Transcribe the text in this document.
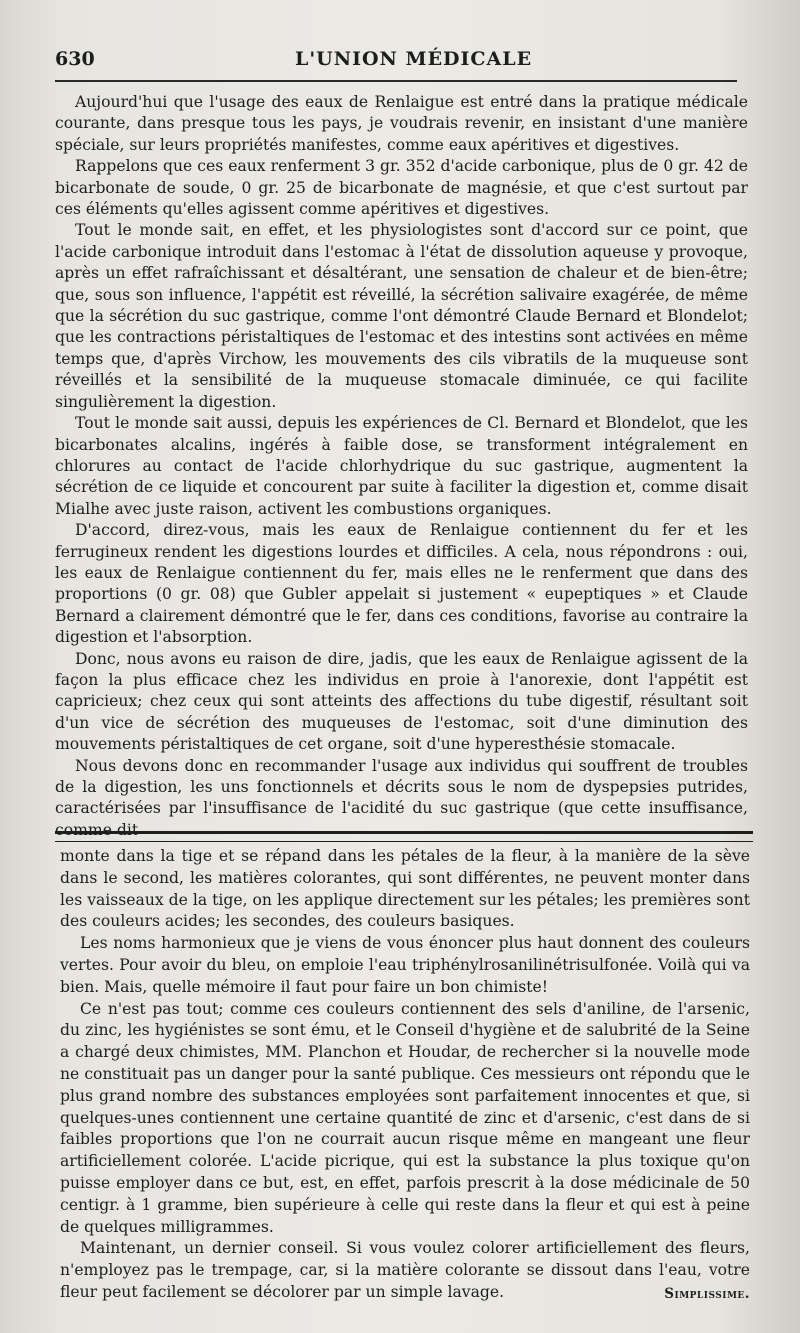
630	L'UNION MÉDICALE

Aujourd'hui que l'usage des eaux de Renlaigue est entré dans la pratique médicale courante, dans presque tous les pays, je voudrais revenir, en insistant d'une manière spéciale, sur leurs propriétés manifestes, comme eaux apéritives et digestives.

Rappelons que ces eaux renferment 3 gr. 352 d'acide carbonique, plus de 0 gr. 42 de bicarbonate de soude, 0 gr. 25 de bicarbonate de magnésie, et que c'est surtout par ces éléments qu'elles agissent comme apéritives et digestives.

Tout le monde sait, en effet, et les physiologistes sont d'accord sur ce point, que l'acide carbonique introduit dans l'estomac à l'état de dissolution aqueuse y provoque, après un effet rafraîchissant et désaltérant, une sensation de chaleur et de bien-être; que, sous son influence, l'appétit est réveillé, la sécrétion salivaire exagérée, de même que la sécrétion du suc gastrique, comme l'ont démontré Claude Bernard et Blondelot; que les contractions péristaltiques de l'estomac et des intestins sont activées en même temps que, d'après Virchow, les mouvements des cils vibratils de la muqueuse sont réveillés et la sensibilité de la muqueuse stomacale diminuée, ce qui facilite singulièrement la digestion.

Tout le monde sait aussi, depuis les expériences de Cl. Bernard et Blondelot, que les bicarbonates alcalins, ingérés à faible dose, se transforment intégralement en chlorures au contact de l'acide chlorhydrique du suc gastrique, augmentent la sécrétion de ce liquide et concourent par suite à faciliter la digestion et, comme disait Mialhe avec juste raison, activent les combustions organiques.

D'accord, direz-vous, mais les eaux de Renlaigue contiennent du fer et les ferrugineux rendent les digestions lourdes et difficiles. A cela, nous répondrons : oui, les eaux de Renlaigue contiennent du fer, mais elles ne le renferment que dans des proportions (0 gr. 08) que Gubler appelait si justement « eupeptiques » et Claude Bernard a clairement démontré que le fer, dans ces conditions, favorise au contraire la digestion et l'absorption.

Donc, nous avons eu raison de dire, jadis, que les eaux de Renlaigue agissent de la façon la plus efficace chez les individus en proie à l'anorexie, dont l'appétit est capricieux; chez ceux qui sont atteints des affections du tube digestif, résultant soit d'un vice de sécrétion des muqueuses de l'estomac, soit d'une diminution des mouvements péristaltiques de cet organe, soit d'une hyperesthésie stomacale.

Nous devons donc en recommander l'usage aux individus qui souffrent de troubles de la digestion, les uns fonctionnels et décrits sous le nom de dyspepsies putrides, caractérisées par l'insuffisance de l'acidité du suc gastrique (que cette insuffisance, comme dit

monte dans la tige et se répand dans les pétales de la fleur, à la manière de la sève dans le second, les matières colorantes, qui sont différentes, ne peuvent monter dans les vaisseaux de la tige, on les applique directement sur les pétales; les premières sont des couleurs acides; les secondes, des couleurs basiques.

Les noms harmonieux que je viens de vous énoncer plus haut donnent des couleurs vertes. Pour avoir du bleu, on emploie l'eau triphénylrosanilinétrisulfonée. Voilà qui va bien. Mais, quelle mémoire il faut pour faire un bon chimiste!

Ce n'est pas tout; comme ces couleurs contiennent des sels d'aniline, de l'arsenic, du zinc, les hygiénistes se sont ému, et le Conseil d'hygiène et de salubrité de la Seine a chargé deux chimistes, MM. Planchon et Houdar, de rechercher si la nouvelle mode ne constituait pas un danger pour la santé publique. Ces messieurs ont répondu que le plus grand nombre des substances employées sont parfaitement innocentes et que, si quelques-unes contiennent une certaine quantité de zinc et d'arsenic, c'est dans de si faibles proportions que l'on ne courrait aucun risque même en mangeant une fleur artificiellement colorée. L'acide picrique, qui est la substance la plus toxique qu'on puisse employer dans ce but, est, en effet, parfois prescrit à la dose médicinale de 50 centigr. à 1 gramme, bien supérieure à celle qui reste dans la fleur et qui est à peine de quelques milligrammes.

Maintenant, un dernier conseil. Si vous voulez colorer artificiellement des fleurs, n'employez pas le trempage, car, si la matière colorante se dissout dans l'eau, votre fleur peut facilement se décolorer par un simple lavage.	Simplissime.
